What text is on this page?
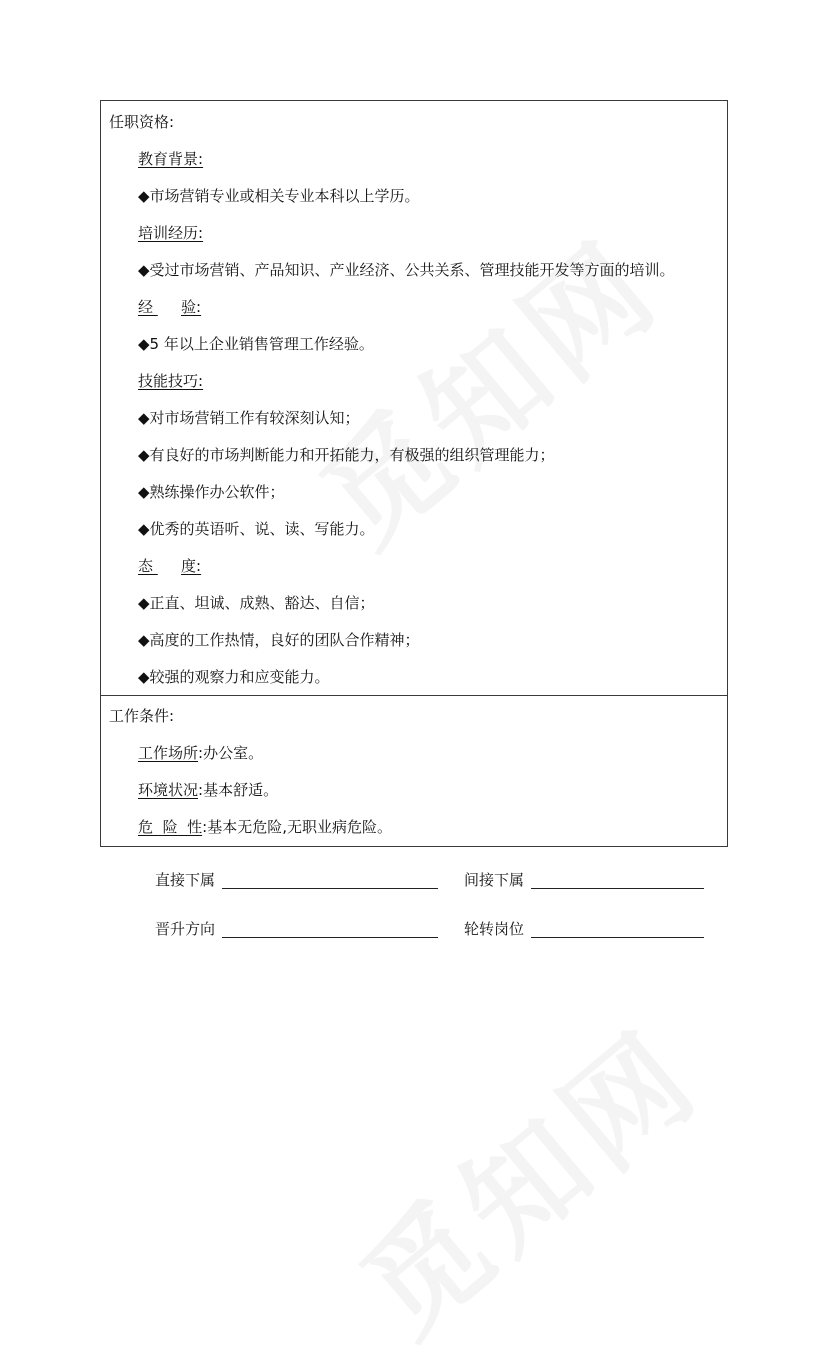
任职资格:
教育背景:
◆市场营销专业或相关专业本科以上学历。
培训经历:
◆受过市场营销、产品知识、产业经济、公共关系、管理技能开发等方面的培训。
经 验:
◆5 年以上企业销售管理工作经验。
技能技巧:
◆对市场营销工作有较深刻认知；
◆有良好的市场判断能力和开拓能力，有极强的组织管理能力；
◆熟练操作办公软件；
◆优秀的英语听、说、读、写能力。
态 度:
◆正直、坦诚、成熟、豁达、自信；
◆高度的工作热情，良好的团队合作精神；
◆较强的观察力和应变能力。
工作条件:
工作场所:办公室。
环境状况:基本舒适。
危 险 性:基本无危险,无职业病危险。
直接下属	间接下属
晋升方向	轮转岗位
